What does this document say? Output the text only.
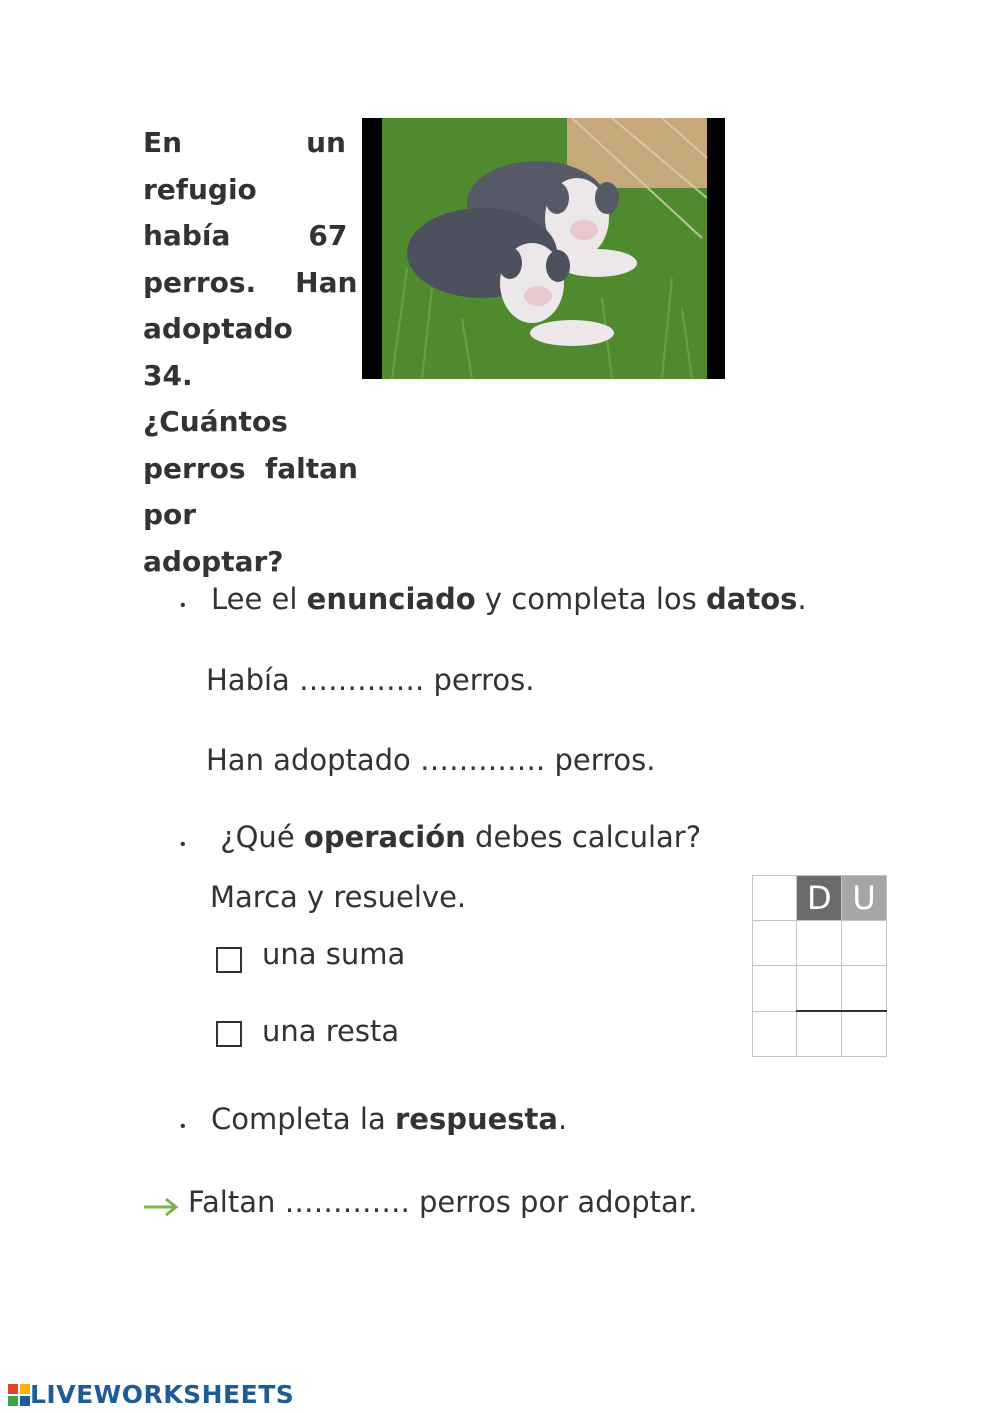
En un refugio
había        67
perros.    Han
adoptado 34.
¿Cuántos
perros  faltan
por adoptar?
• Lee el enunciado y completa los datos.
Había …………. perros.
Han adoptado …………. perros.
• ¿Qué operación debes calcular?
Marca y resuelve.
una suma
una resta
	D	U

• Completa la respuesta.
Faltan …………. perros por adoptar.
LIVEWORKSHEETS
